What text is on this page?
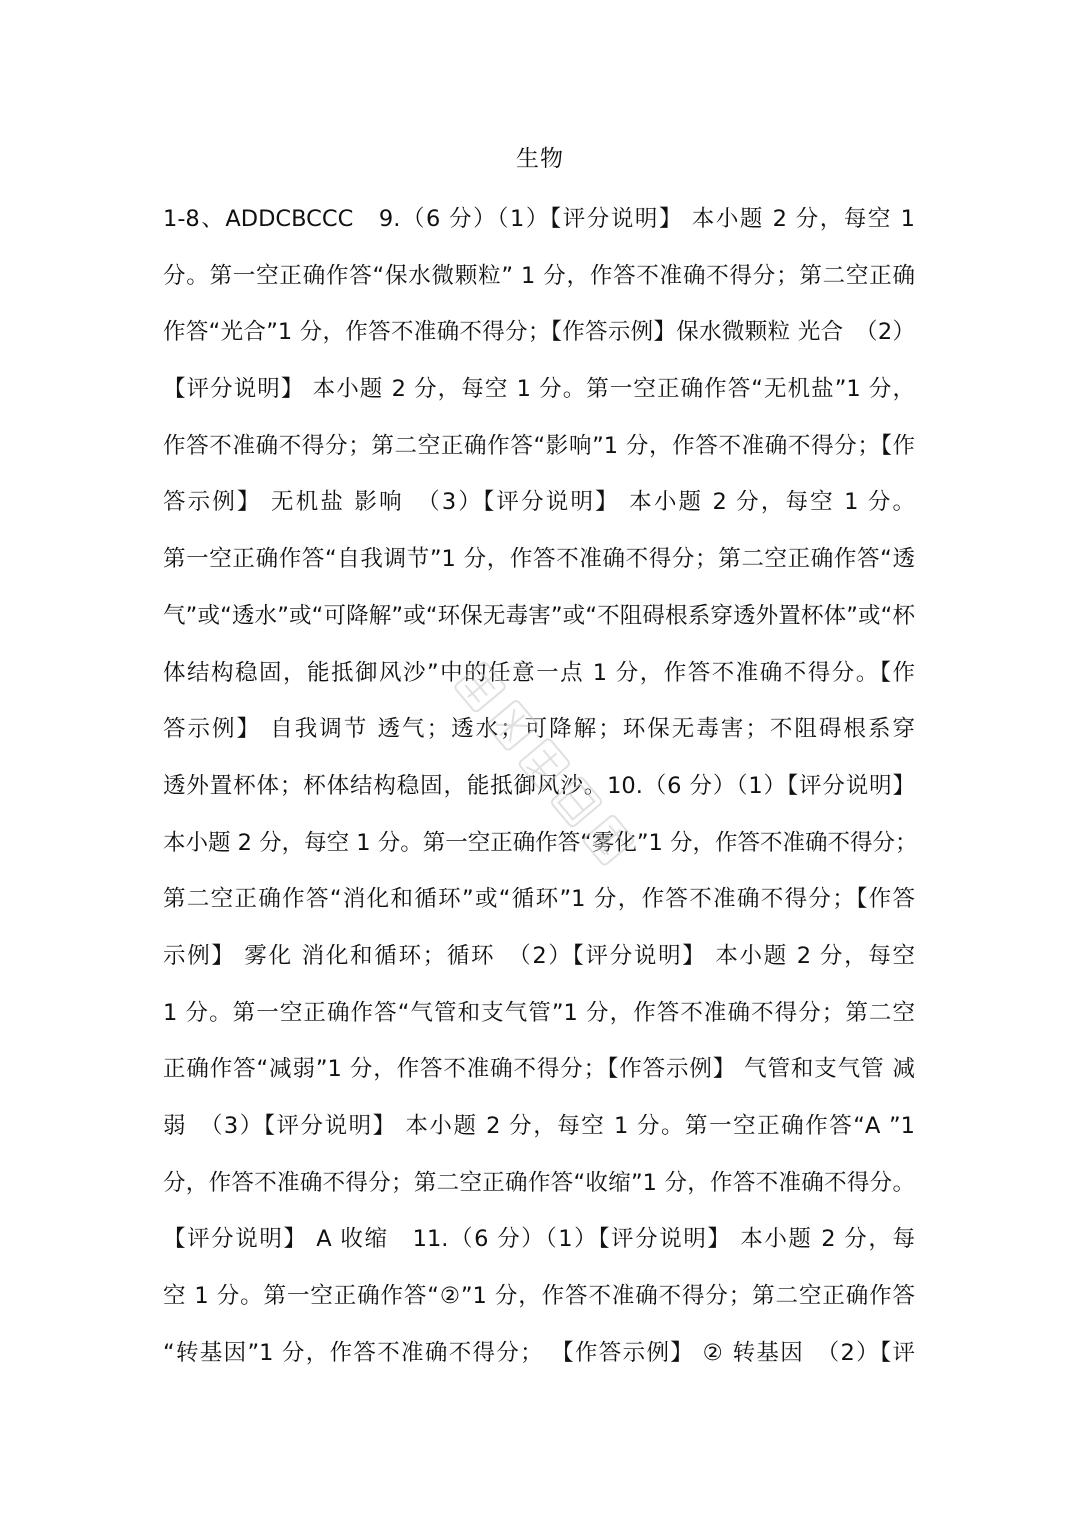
生物
1-8、ADDCBCCC　9.（6 分）（1）【评分说明】 本小题 2 分，每空 1
分。第一空正确作答“保水微颗粒” 1 分，作答不准确不得分；第二空正确
作答“光合”1 分，作答不准确不得分；【作答示例】保水微颗粒 光合　（2）
【评分说明】 本小题 2 分，每空 1 分。第一空正确作答“无机盐”1 分，
作答不准确不得分；第二空正确作答“影响”1 分，作答不准确不得分；【作
答示例】 无机盐 影响　（3）【评分说明】 本小题 2 分，每空 1 分。
第一空正确作答“自我调节”1 分，作答不准确不得分；第二空正确作答“透
气”或“透水”或“可降解”或“环保无毒害”或“不阻碍根系穿透外置杯体”或“杯
体结构稳固，能抵御风沙”中的任意一点 1 分，作答不准确不得分。【作
答示例】 自我调节 透气；透水；可降解；环保无毒害；不阻碍根系穿
透外置杯体；杯体结构稳固，能抵御风沙。10.（6 分）（1）【评分说明】
本小题 2 分，每空 1 分。第一空正确作答“雾化”1 分，作答不准确不得分；
第二空正确作答“消化和循环”或“循环”1 分，作答不准确不得分；【作答
示例】 雾化 消化和循环；循环　（2）【评分说明】 本小题 2 分，每空
1 分。第一空正确作答“气管和支气管”1 分，作答不准确不得分；第二空
正确作答“减弱”1 分，作答不准确不得分；【作答示例】 气管和支气管 减
弱　（3）【评分说明】 本小题 2 分，每空 1 分。第一空正确作答“A ”1
分，作答不准确不得分；第二空正确作答“收缩”1 分，作答不准确不得分。
【评分说明】 A 收缩　11.（6 分）（1）【评分说明】 本小题 2 分，每
空 1 分。第一空正确作答“②”1 分，作答不准确不得分；第二空正确作答
“转基因”1 分，作答不准确不得分； 【作答示例】 ② 转基因　（2）【评
